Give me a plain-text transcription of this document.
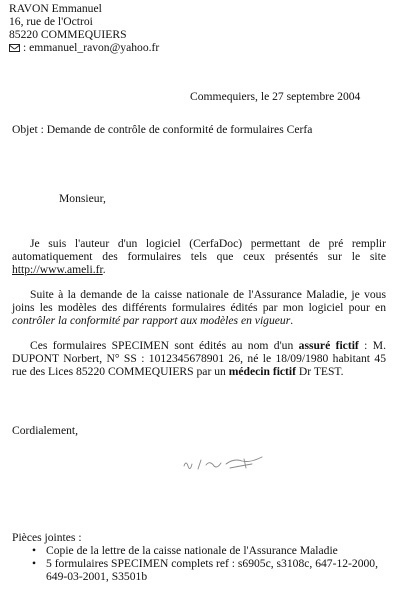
RAVON Emmanuel
16, rue de l'Octroi
85220 COMMEQUIERS
: emmanuel_ravon@yahoo.fr
Commequiers, le 27 septembre 2004
Objet : Demande de contrôle de conformité de formulaires Cerfa
Monsieur,
Je suis l'auteur d'un logiciel (CerfaDoc) permettant de pré remplir automatiquement des formulaires tels que ceux présentés sur le site http://www.ameli.fr.
Suite à la demande de la caisse nationale de l'Assurance Maladie, je vous joins les modèles des différents formulaires édités par mon logiciel pour en contrôler la conformité par rapport aux modèles en vigueur.
Ces formulaires SPECIMEN sont édités au nom d'un assuré fictif : M. DUPONT Norbert, N° SS : 1012345678901 26, né le 18/09/1980 habitant 45 rue des Lices 85220 COMMEQUIERS par un médecin fictif Dr TEST.
Cordialement,
Pièces jointes :
• Copie de la lettre de la caisse nationale de l'Assurance Maladie
• 5 formulaires SPECIMEN complets ref : s6905c, s3108c, 647-12-2000, 649-03-2001, S3501b
